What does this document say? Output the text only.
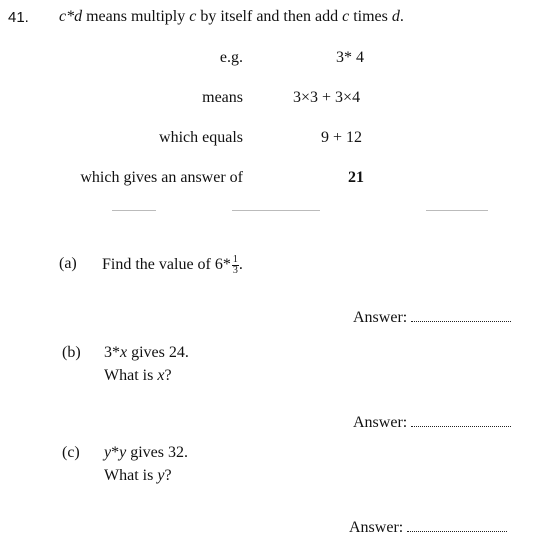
41. c*d means multiply c by itself and then add c times d.
e.g.	3* 4
means	3×3 + 3×4
which equals	9 + 12
which gives an answer of	21
(a) Find the value of $6* \frac{1}{3}$ .
Answer:
(b) 3*x gives 24.
What is x?
Answer:
(c) y*y gives 32.
What is y?
Answer:
